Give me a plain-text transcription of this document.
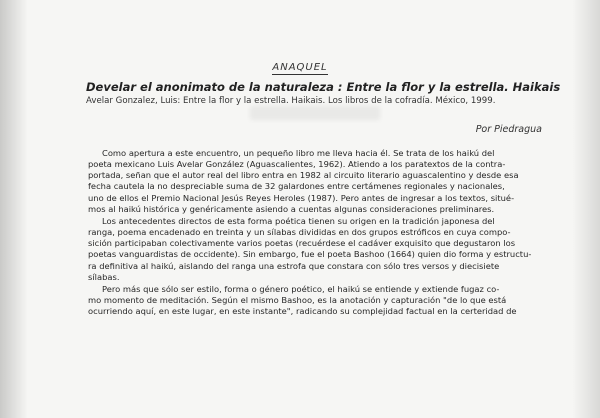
ANAQUEL
Develar el anonimato de la naturaleza : Entre la flor y la estrella. Haikais
Avelar Gonzalez, Luis: Entre la flor y la estrella. Haikais. Los libros de la cofradía. México, 1999.
Por Piedragua

Como apertura a este encuentro, un pequeño libro me lleva hacia él. Se trata de los haikú del
poeta mexicano Luis Avelar González (Aguascalientes, 1962). Atiendo a los paratextos de la contra-
portada, señan que el autor real del libro entra en 1982 al circuito literario aguascalentino y desde esa
fecha cautela la no despreciable suma de 32 galardones entre certámenes regionales y nacionales,
uno de ellos el Premio Nacional Jesús Reyes Heroles (1987). Pero antes de ingresar a los textos, situé-
mos al haikú histórica y genéricamente asiendo a cuentas algunas consideraciones preliminares.

Los antecedentes directos de esta forma poética tienen su origen en la tradición japonesa del
ranga, poema encadenado en treinta y un sílabas divididas en dos grupos estróficos en cuya compo-
sición participaban colectivamente varios poetas (recuérdese el cadáver exquisito que degustaron los
poetas vanguardistas de occidente). Sin embargo, fue el poeta Bashoo (1664) quien dio forma y estructu-
ra definitiva al haikú, aislando del ranga una estrofa que constara con sólo tres versos y diecisiete
sílabas.

Pero más que sólo ser estilo, forma o género poético, el haikú se entiende y extiende fugaz co-
mo momento de meditación. Según el mismo Bashoo, es la anotación y capturación "de lo que está
ocurriendo aquí, en este lugar, en este instante", radicando su complejidad factual en la certeridad de
